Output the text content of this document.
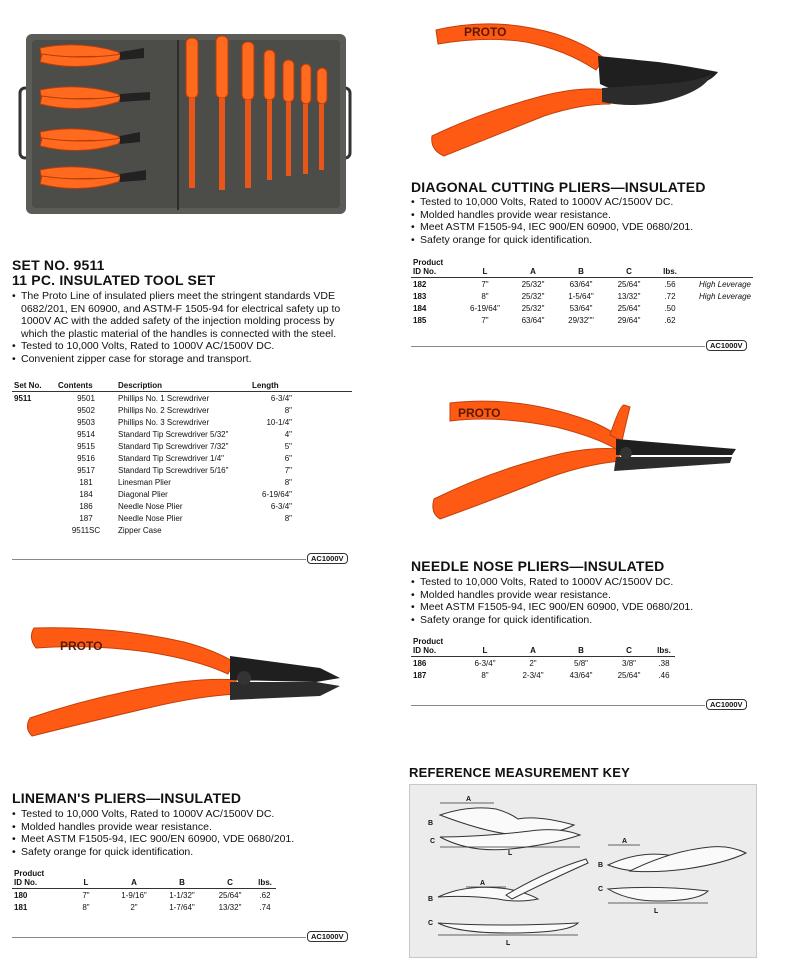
SET NO. 9511
11 PC. INSULATED TOOL SET
• The Proto Line of insulated pliers meet the stringent standards VDE 0682/201, EN 60900, and ASTM-F 1505-94 for electrical safety up to 1000V AC with the added safety of the injection molding process by which the plastic material of the handles is connected with the steel.
• Tested to 10,000 Volts, Rated to 1000V AC/1500V DC.
• Convenient zipper case for storage and transport.
Set No.	Contents	Description	Length

9511	9501	Phillips No. 1 Screwdriver	6-3/4"
	9502	Phillips No. 2 Screwdriver	8"
	9503	Phillips No. 3 Screwdriver	10-1/4"
	9514	Standard Tip Screwdriver 5/32"	4"
	9515	Standard Tip Screwdriver 7/32"	5"
	9516	Standard Tip Screwdriver 1/4"	6"
	9517	Standard Tip Screwdriver 5/16"	7"
	181	Linesman Plier	8"
	184	Diagonal Plier	6-19/64"
	186	Needle Nose Plier	6-3/4"
	187	Needle Nose Plier	8"
	9511SC	Zipper Case	
AC1000V
PROTO
DIAGONAL CUTTING PLIERS—INSULATED
• Tested to 10,000 Volts, Rated to 1000V AC/1500V DC.
• Molded handles provide wear resistance.
• Meet ASTM F1505-94, IEC 900/EN 60900, VDE 0680/201.
• Safety orange for quick identification.
Product
ID No.	L	A	B	C	lbs.	

182	7"	25/32"	63/64"	25/64"	.56	High Leverage
183	8"	25/32"	1-5/64"	13/32"	.72	High Leverage
184	6-19/64"	25/32"	53/64"	25/64"	.50	
185	7"	63/64"	29/32""	29/64"	.62	
AC1000V
PROTO
NEEDLE NOSE PLIERS—INSULATED
• Tested to 10,000 Volts, Rated to 1000V AC/1500V DC.
• Molded handles provide wear resistance.
• Meet ASTM F1505-94, IEC 900/EN 60900, VDE 0680/201.
• Safety orange for quick identification.
Product
ID No.	L	A	B	C	lbs.

186	6-3/4"	2"	5/8"	3/8"	.38
187	8"	2-3/4"	43/64"	25/64"	.46
AC1000V
PROTO
LINEMAN'S PLIERS—INSULATED
• Tested to 10,000 Volts, Rated to 1000V AC/1500V DC.
• Molded handles provide wear resistance.
• Meet ASTM F1505-94, IEC 900/EN 60900, VDE 0680/201.
• Safety orange for quick identification.
Product
ID No.	L	A	B	C	lbs.

180	7"	1-9/16"	1-1/32"	25/64"	.62
181	8"	2"	1-7/64"	13/32"	.74
AC1000V
REFERENCE MEASUREMENT KEY
A
B
C
L
A
B
C
L
A
B
C
L
